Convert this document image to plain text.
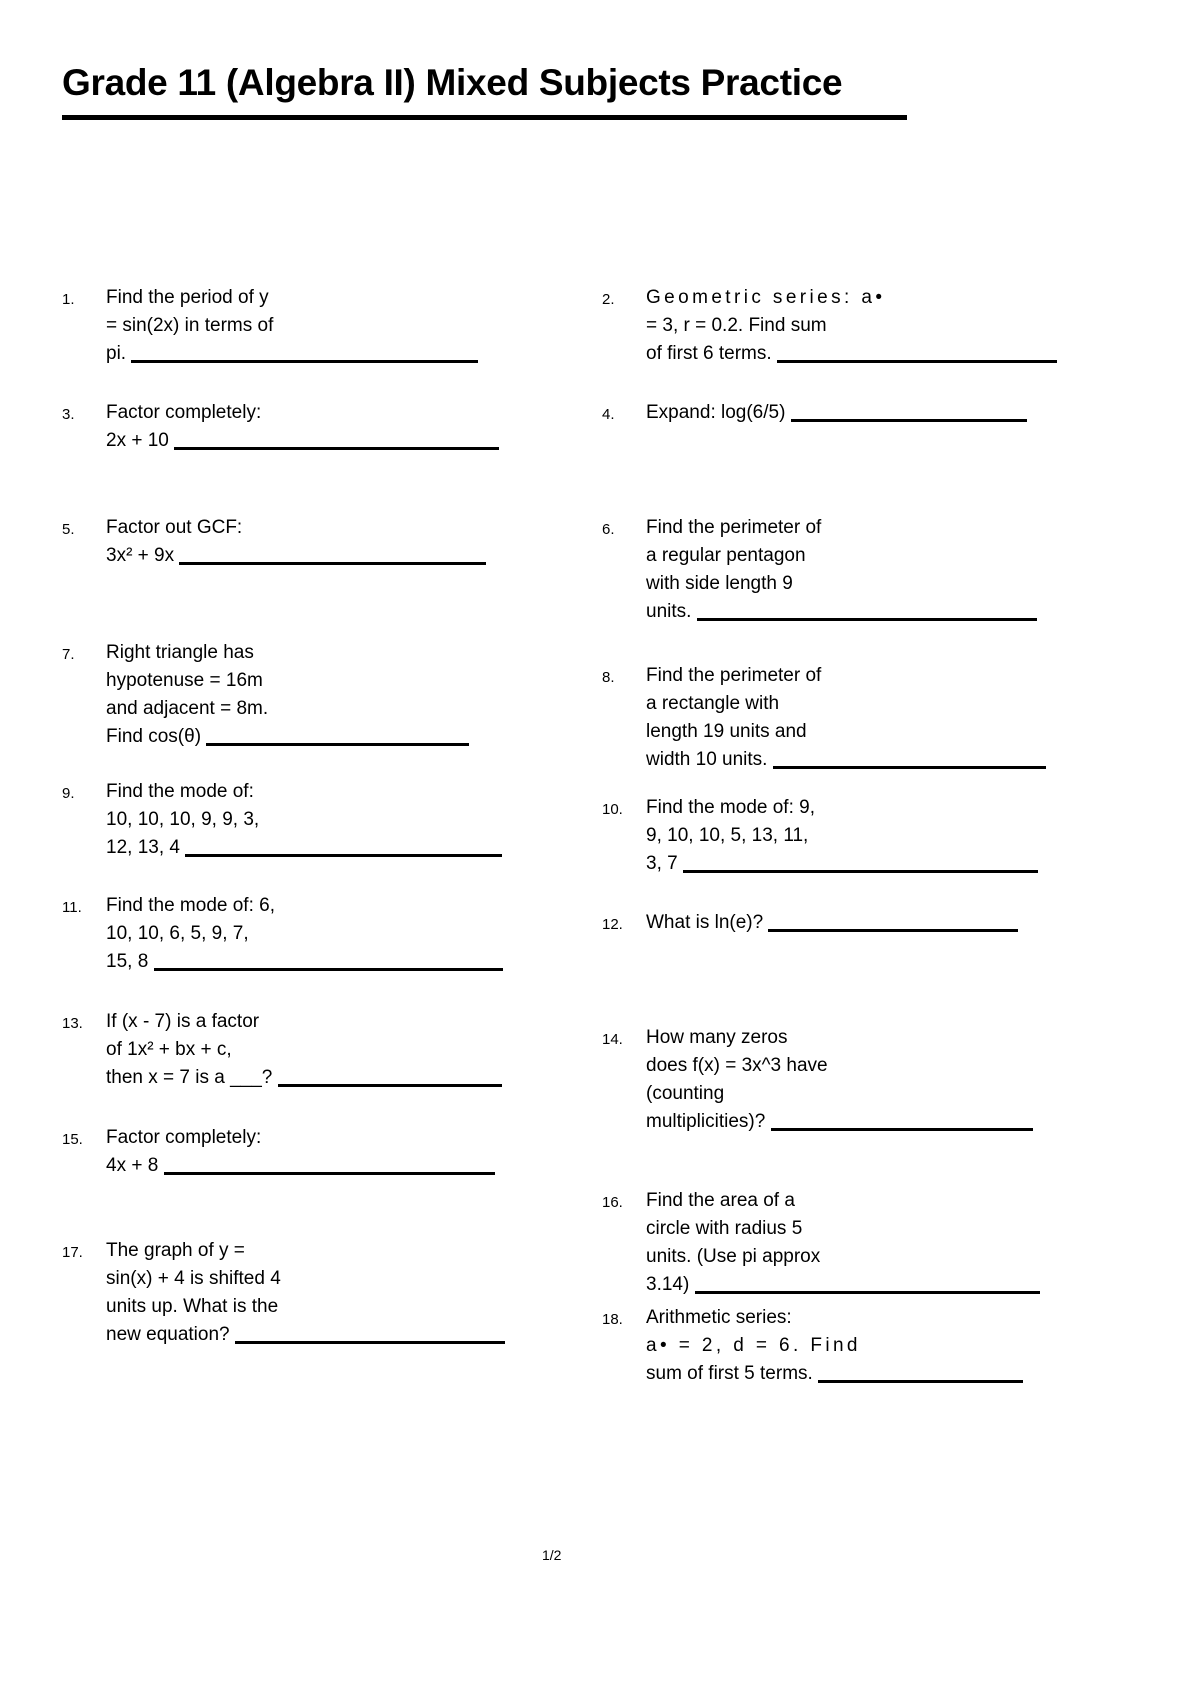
Grade 11 (Algebra II) Mixed Subjects Practice
1.	Find the period of y
= sin(2x) in terms of
pi.
3.	Factor completely:
2x + 10
5.	Factor out GCF:
3x² + 9x
7.	Right triangle has
hypotenuse = 16m
and adjacent = 8m.
Find cos(θ)
9.	Find the mode of:
10, 10, 10, 9, 9, 3,
12, 13, 4
11.	Find the mode of: 6,
10, 10, 6, 5, 9, 7,
15, 8
13.	If (x - 7) is a factor
of 1x² + bx + c,
then x = 7 is a ___?
15.	Factor completely:
4x + 8
17.	The graph of y =
sin(x) + 4 is shifted 4
units up. What is the
new equation?
2.	Geometric series: a•
= 3, r = 0.2. Find sum
of first 6 terms.
4.	Expand: log(6/5)
6.	Find the perimeter of
a regular pentagon
with side length 9
units.
8.	Find the perimeter of
a rectangle with
length 19 units and
width 10 units.
10.	Find the mode of: 9,
9, 10, 10, 5, 13, 11,
3, 7
12.	What is ln(e)?
14.	How many zeros
does f(x) = 3x^3 have
(counting
multiplicities)?
16.	Find the area of a
circle with radius 5
units. (Use pi approx
3.14)
18.	Arithmetic series:
a• = 2, d = 6. Find
sum of first 5 terms.
1/2
